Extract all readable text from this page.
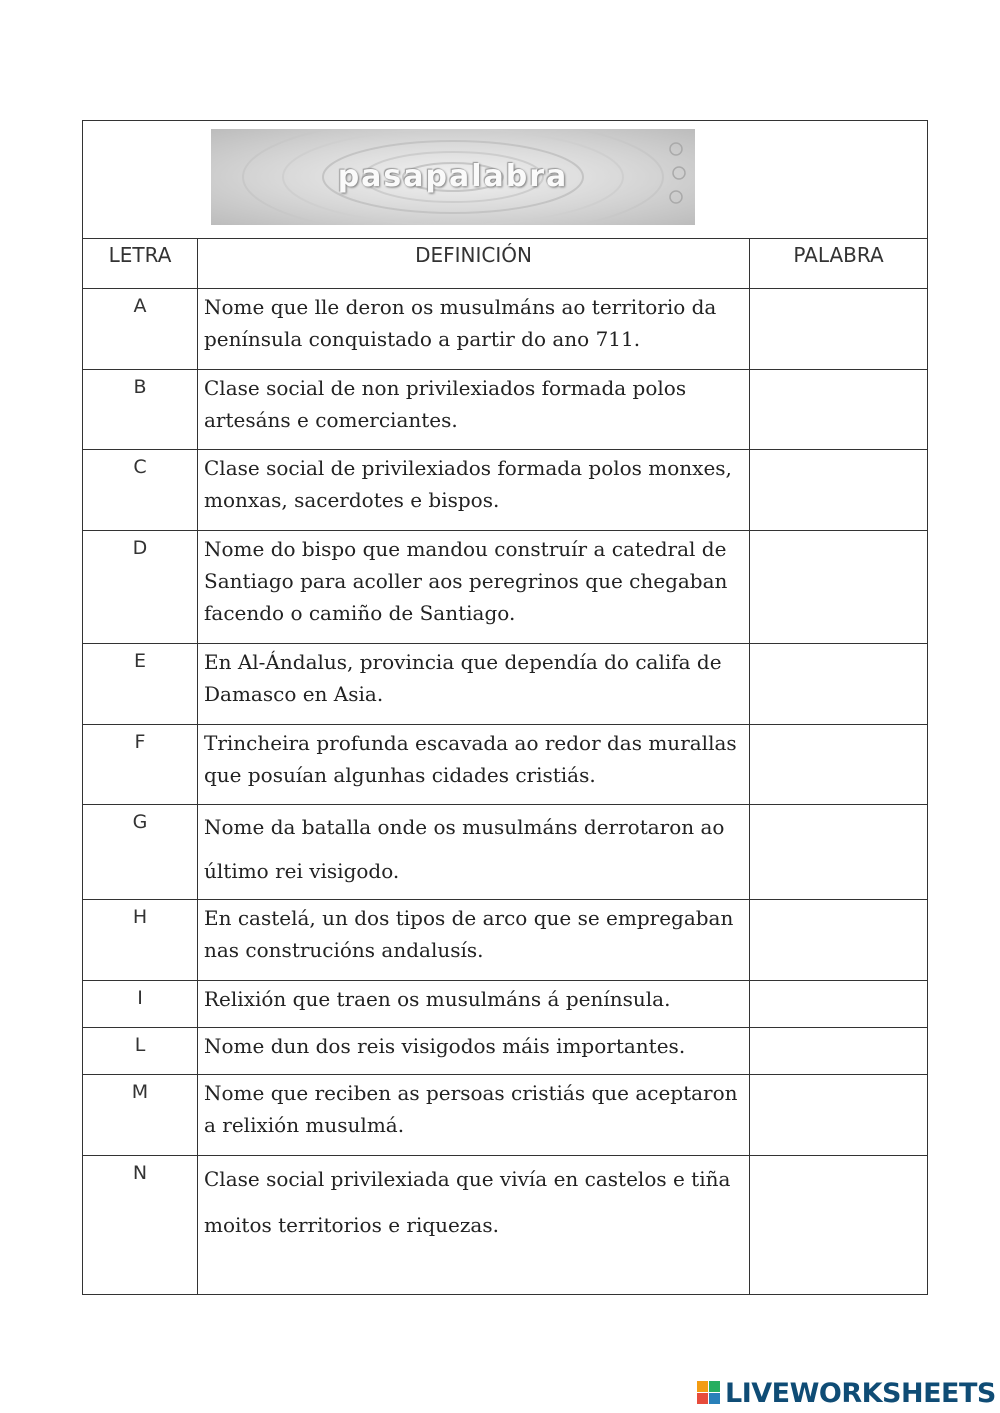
pasapalabra		

LETRA	DEFINICIÓN	PALABRA
A	Nome que lle deron os musulmáns ao territorio da península conquistado a partir do ano 711.	
B	Clase social de non privilexiados formada polos artesáns e comerciantes.	
C	Clase social de privilexiados formada polos monxes, monxas, sacerdotes e bispos.	
D	Nome do bispo que mandou construír a catedral de Santiago para acoller aos peregrinos que chegaban facendo o camiño de Santiago.	
E	En Al-Ándalus, provincia que dependía do califa de Damasco en Asia.	
F	Trincheira profunda escavada ao redor das murallas que posuían algunhas cidades cristiás.	
G	Nome da batalla onde os musulmáns derrotaron ao último rei visigodo.	
H	En castelá, un dos tipos de arco que se empregaban nas construcións andalusís.	
I	Relixión que traen os musulmáns á península.	
L	Nome dun dos reis visigodos máis importantes.	
M	Nome que reciben as persoas cristiás que aceptaron a relixión musulmá.	
N	Clase social privilexiada que vivía en castelos e tiña moitos territorios e riquezas.	
LIVEWORKSHEETS
